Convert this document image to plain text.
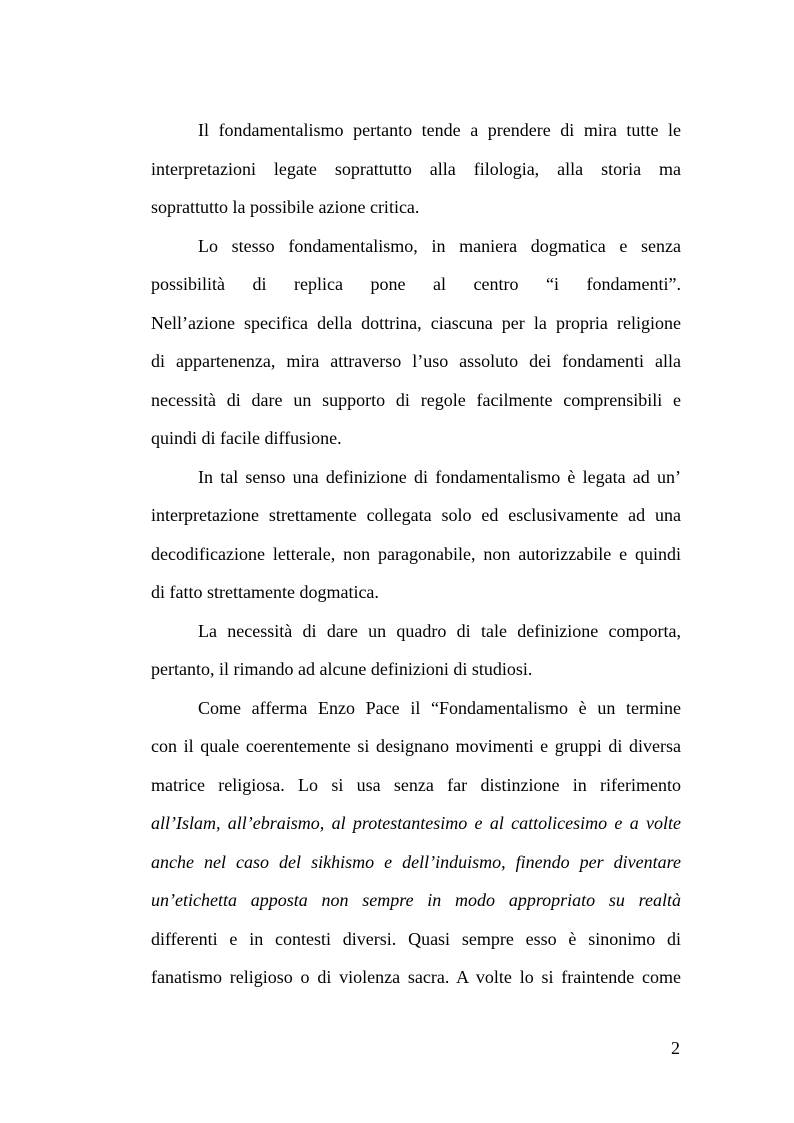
Il fondamentalismo pertanto tende a prendere di mira tutte le
interpretazioni legate soprattutto alla filologia, alla storia ma
soprattutto la possibile azione critica.
Lo stesso fondamentalismo, in maniera dogmatica e senza
possibilità di replica pone al centro “i fondamenti”.
Nell’azione specifica della dottrina, ciascuna per la propria religione
di appartenenza, mira attraverso l’uso assoluto dei fondamenti alla
necessità di dare un supporto di regole facilmente comprensibili e
quindi di facile diffusione.
In tal senso una definizione di fondamentalismo è legata ad un’
interpretazione strettamente collegata solo ed esclusivamente ad una
decodificazione letterale, non paragonabile, non autorizzabile e quindi
di fatto strettamente dogmatica.
La necessità di dare un quadro di tale definizione comporta,
pertanto, il rimando ad alcune definizioni di studiosi.
Come afferma Enzo Pace il “Fondamentalismo è un termine
con il quale coerentemente si designano movimenti e gruppi di diversa
matrice religiosa. Lo si usa senza far distinzione in riferimento
all’Islam, all’ebraismo, al protestantesimo e al cattolicesimo e a volte
anche nel caso del sikhismo e dell’induismo, finendo per diventare
un’etichetta apposta non sempre in modo appropriato su realtà
differenti e in contesti diversi. Quasi sempre esso è sinonimo di
fanatismo religioso o di violenza sacra. A volte lo si fraintende come
2
